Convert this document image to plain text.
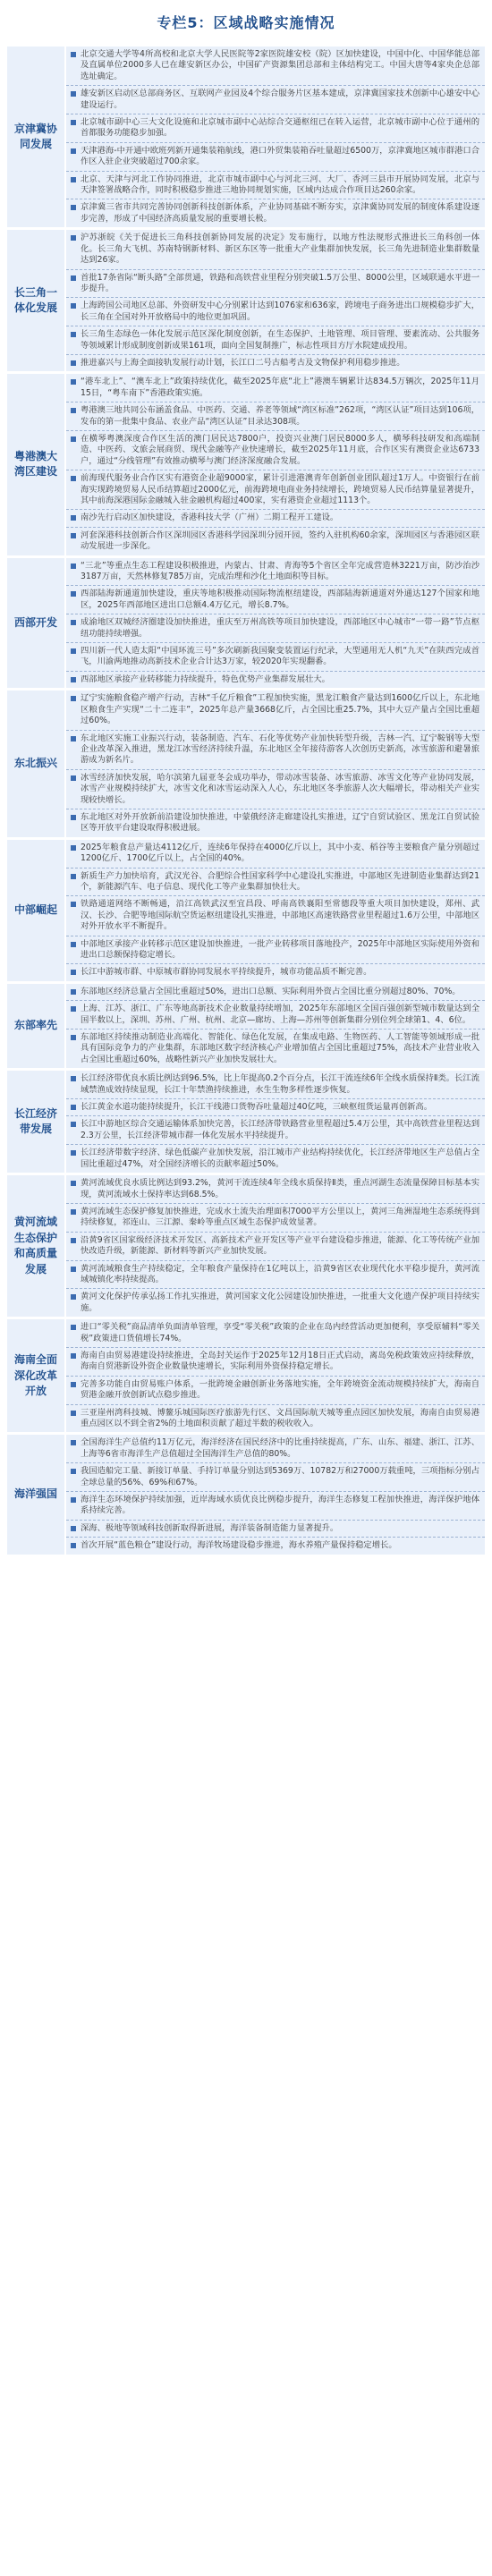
专栏5：区域战略实施情况
京津冀协同发展
北京交通大学等4所高校和北京大学人民医院等2家医院雄安校（院）区加快建设，中国中化、中国华能总部及直属单位2000多人已在雄安新区办公，中国矿产资源集团总部和主体结构完工。中国大唐等4家央企总部选址确定。
雄安新区启动区总部商务区、互联网产业园及4个综合服务片区基本建成，京津冀国家技术创新中心雄安中心建设运行。
北京城市副中心三大文化设施和北京城市副中心站综合交通枢纽已在转入运营，北京城市副中心位于通州的首都服务功能稳步加强。
天津港海-中开通中欧班列新开通集装箱航线，港口外贸集装箱吞吐量超过6500万，京津冀地区城市群港口合作区入驻企业突破超过700余家。
北京、天津与河北工作协同推进，北京市城市副中心与河北三河、大厂、香河三县市开展协同发展，北京与天津签署战略合作，同时积极稳步推进三地协同规划实施，区域内达成合作项目达260余家。
京津冀三省市共同完善协同创新科技创新体系，产业协同基础不断夯实，京津冀协同发展的制度体系建设逐步完善，形成了中国经济高质量发展的重要增长极。
长三角一体化发展
沪苏浙皖《关于促进长三角科技创新协同发展的决定》发布施行，以地方性法规形式推进长三角科创一体化。长三角大飞机、苏南特钢新材料、新区东区等一批重大产业集群加快发展，长三角先进制造业集群数量达到26家。
首批17条省际“断头路”全部贯通，铁路和高铁营业里程分别突破1.5万公里、8000公里，区域联通水平进一步提升。
上海跨国公司地区总部、外资研发中心分别累计达到1076家和636家，跨境电子商务进出口规模稳步扩大，长三角在全国对外开放格局中的地位更加巩固。
长三角生态绿色一体化发展示范区深化制度创新，在生态保护、土地管理、项目管理、要素流动、公共服务等领域累计形成制度创新成果161项，面向全国复制推广，标志性项目方厅水院建成投用。
推进嘉兴与上海全面接轨发展行动计划，长江口二号古船考古及文物保护利用稳步推进。
粤港澳大湾区建设
“港车北上”、“澳车北上”政策持续优化，截至2025年底“北上”港澳车辆累计达834.5万辆次，2025年11月15日，“粤车南下”香港政策实施。
粤港澳三地共同公布涵盖食品、中医药、交通、养老等领域“湾区标准”262项，“湾区认证”项目达到106项，发布的第一批集中食品、农业产品“湾区认证”目录达308项。
在横琴粤澳深度合作区生活的澳门居民达7800户，投资兴业澳门居民8000多人，横琴科技研发和高端制造、中医药、文旅会展商贸、现代金融等产业快速增长，截至2025年11月底，合作区实有澳资企业达6733户，通过“分线管理”有效推动横琴与澳门经济深度融合发展。
前海现代服务业合作区实有港资企业超9000家，累计引进港澳青年创新创业团队超过1万人。中资银行在前海实现跨境贸易人民币结算超过2000亿元，前海跨境电商业务持续增长，跨境贸易人民币结算量显著提升，其中前海深港国际金融城入驻金融机构超过400家，实有港资企业超过1113个。
南沙先行启动区加快建设，香港科技大学（广州）二期工程开工建设。
河套深港科技创新合作区深圳园区香港科学园深圳分园开园，签约入驻机构60余家，深圳园区与香港园区联动发展进一步深化。
西部开发
“三北”等重点生态工程建设积极推进，内蒙古、甘肃、青海等5个省区全年完成营造林3221万亩，防沙治沙3187万亩，天然林修复785万亩，完成治理和沙化土地面积等目标。
西部陆海新通道加快建设，重庆等地积极推动国际物流枢纽建设，西部陆海新通道对外通达127个国家和地区，2025年西部地区进出口总额4.4万亿元，增长8.7%。
成渝地区双城经济圈建设加快推进，重庆至万州高铁等项目加快建设，西部地区中心城市“一带一路”节点枢纽功能持续增强。
四川新一代人造太阳“中国环流三号”多次刷新我国聚变装置运行纪录，大型通用无人机“九天”在陕西完成首飞，川渝两地推动高新技术企业合计达3万家，较2020年实现翻番。
西部地区承接产业转移能力持续提升，特色优势产业集群发展壮大。
东北振兴
辽宁实施粮食稳产增产行动，吉林“千亿斤粮食”工程加快实施，黑龙江粮食产量达到1600亿斤以上，东北地区粮食生产实现“二十二连丰”，2025年总产量3668亿斤，占全国比重25.7%，其中大豆产量占全国比重超过60%。
东北地区实施工业振兴行动，装备制造、汽车、石化等优势产业加快转型升级，吉林一汽、辽宁鞍钢等大型企业改革深入推进，黑龙江冰雪经济持续升温，东北地区全年接待游客人次创历史新高，冰雪旅游和避暑旅游成为新名片。
冰雪经济加快发展，哈尔滨第九届亚冬会成功举办，带动冰雪装备、冰雪旅游、冰雪文化等产业协同发展，冰雪产业规模持续扩大，冰雪文化和冰雪运动深入人心，东北地区冬季旅游人次大幅增长，带动相关产业实现较快增长。
东北地区对外开放新前沿建设加快推进，中蒙俄经济走廊建设扎实推进，辽宁自贸试验区、黑龙江自贸试验区等开放平台建设取得积极进展。
中部崛起
2025年粮食总产量达4112亿斤，连续6年保持在4000亿斤以上，其中小麦、稻谷等主要粮食产量分别超过1200亿斤、1700亿斤以上，占全国的40%。
新质生产力加快培育，武汉光谷、合肥综合性国家科学中心建设扎实推进，中部地区先进制造业集群达到21个，新能源汽车、电子信息、现代化工等产业集群加快壮大。
铁路通道网络不断畅通，沿江高铁武汉至宜昌段、呼南高铁襄阳至常德段等重大项目加快建设，郑州、武汉、长沙、合肥等地国际航空货运枢纽建设扎实推进，中部地区高速铁路营业里程超过1.6万公里，中部地区对外开放水平不断提升。
中部地区承接产业转移示范区建设加快推进，一批产业转移项目落地投产，2025年中部地区实际使用外资和进出口总额保持稳定增长。
长江中游城市群、中原城市群协同发展水平持续提升，城市功能品质不断完善。
东部率先
东部地区经济总量占全国比重超过50%，进出口总额、实际利用外资占全国比重分别超过80%、70%。
上海、江苏、浙江、广东等地高新技术企业数量持续增加，2025年东部地区全国百强创新型城市数量达到全国半数以上，深圳、苏州、广州、杭州、北京—廊坊、上海—苏州等创新集群分别位列全球第1、4、6位。
东部地区持续推动制造业高端化、智能化、绿色化发展，在集成电路、生物医药、人工智能等领域形成一批具有国际竞争力的产业集群，东部地区数字经济核心产业增加值占全国比重超过75%，高技术产业营业收入占全国比重超过60%，战略性新兴产业加快发展壮大。
长江经济带发展
长江经济带优良水质比例达到96.5%，比上年提高0.2个百分点，长江干流连续6年全线水质保持Ⅱ类。长江流域禁渔成效持续显现，长江十年禁渔持续推进，水生生物多样性逐步恢复。
长江黄金水道功能持续提升，长江干线港口货物吞吐量超过40亿吨，三峡枢纽货运量再创新高。
长江中游地区综合交通运输体系加快完善，长江经济带铁路营业里程超过5.4万公里，其中高铁营业里程达到2.3万公里，长江经济带城市群一体化发展水平持续提升。
长江经济带数字经济、绿色低碳产业加快发展，沿江城市产业结构持续优化，长江经济带地区生产总值占全国比重超过47%，对全国经济增长的贡献率超过50%。
黄河流域生态保护和高质量发展
黄河流域优良水质比例达到93.2%，黄河干流连续4年全线水质保持Ⅱ类，重点河湖生态流量保障目标基本实现，黄河流域水土保持率达到68.5%。
黄河流域生态保护修复加快推进，完成水土流失治理面积7000平方公里以上，黄河三角洲湿地生态系统得到持续修复，祁连山、三江源、秦岭等重点区域生态保护成效显著。
沿黄9省区国家级经济技术开发区、高新技术产业开发区等产业平台建设稳步推进，能源、化工等传统产业加快改造升级，新能源、新材料等新兴产业加快发展。
黄河流域粮食生产持续稳定，全年粮食产量保持在1亿吨以上，沿黄9省区农业现代化水平稳步提升，黄河流域城镇化率持续提高。
黄河文化保护传承弘扬工作扎实推进，黄河国家文化公园建设加快推进，一批重大文化遗产保护项目持续实施。
海南全面深化改革开放
进口“零关税”商品清单负面清单管理，享受“零关税”政策的企业在岛内经营活动更加便利，享受原辅料“零关税”政策进口货值增长74%。
海南自由贸易港建设持续推进，全岛封关运作于2025年12月18日正式启动，离岛免税政策效应持续释放，海南自贸港新设外资企业数量快速增长，实际利用外资保持稳定增长。
完善多功能自由贸易账户体系，一批跨境金融创新业务落地实施，全年跨境资金流动规模持续扩大，海南自贸港金融开放创新试点稳步推进。
三亚崖州湾科技城、博鳌乐城国际医疗旅游先行区、文昌国际航天城等重点园区加快发展，海南自由贸易港重点园区以不到全省2%的土地面积贡献了超过半数的税收收入。
海洋强国
全国海洋生产总值约11万亿元，海洋经济在国民经济中的比重持续提高，广东、山东、福建、浙江、江苏、上海等6省市海洋生产总值超过全国海洋生产总值的80%。
我国造船完工量、新接订单量、手持订单量分别达到5369万、10782万和27000万载重吨，三项指标分别占全球总量的56%、69%和67%。
海洋生态环境保护持续加强，近岸海域水质优良比例稳步提升，海洋生态修复工程加快推进，海洋保护地体系持续完善。
深海、极地等领域科技创新取得新进展，海洋装备制造能力显著提升。
首次开展“蓝色粮仓”建设行动，海洋牧场建设稳步推进，海水养殖产量保持稳定增长。
